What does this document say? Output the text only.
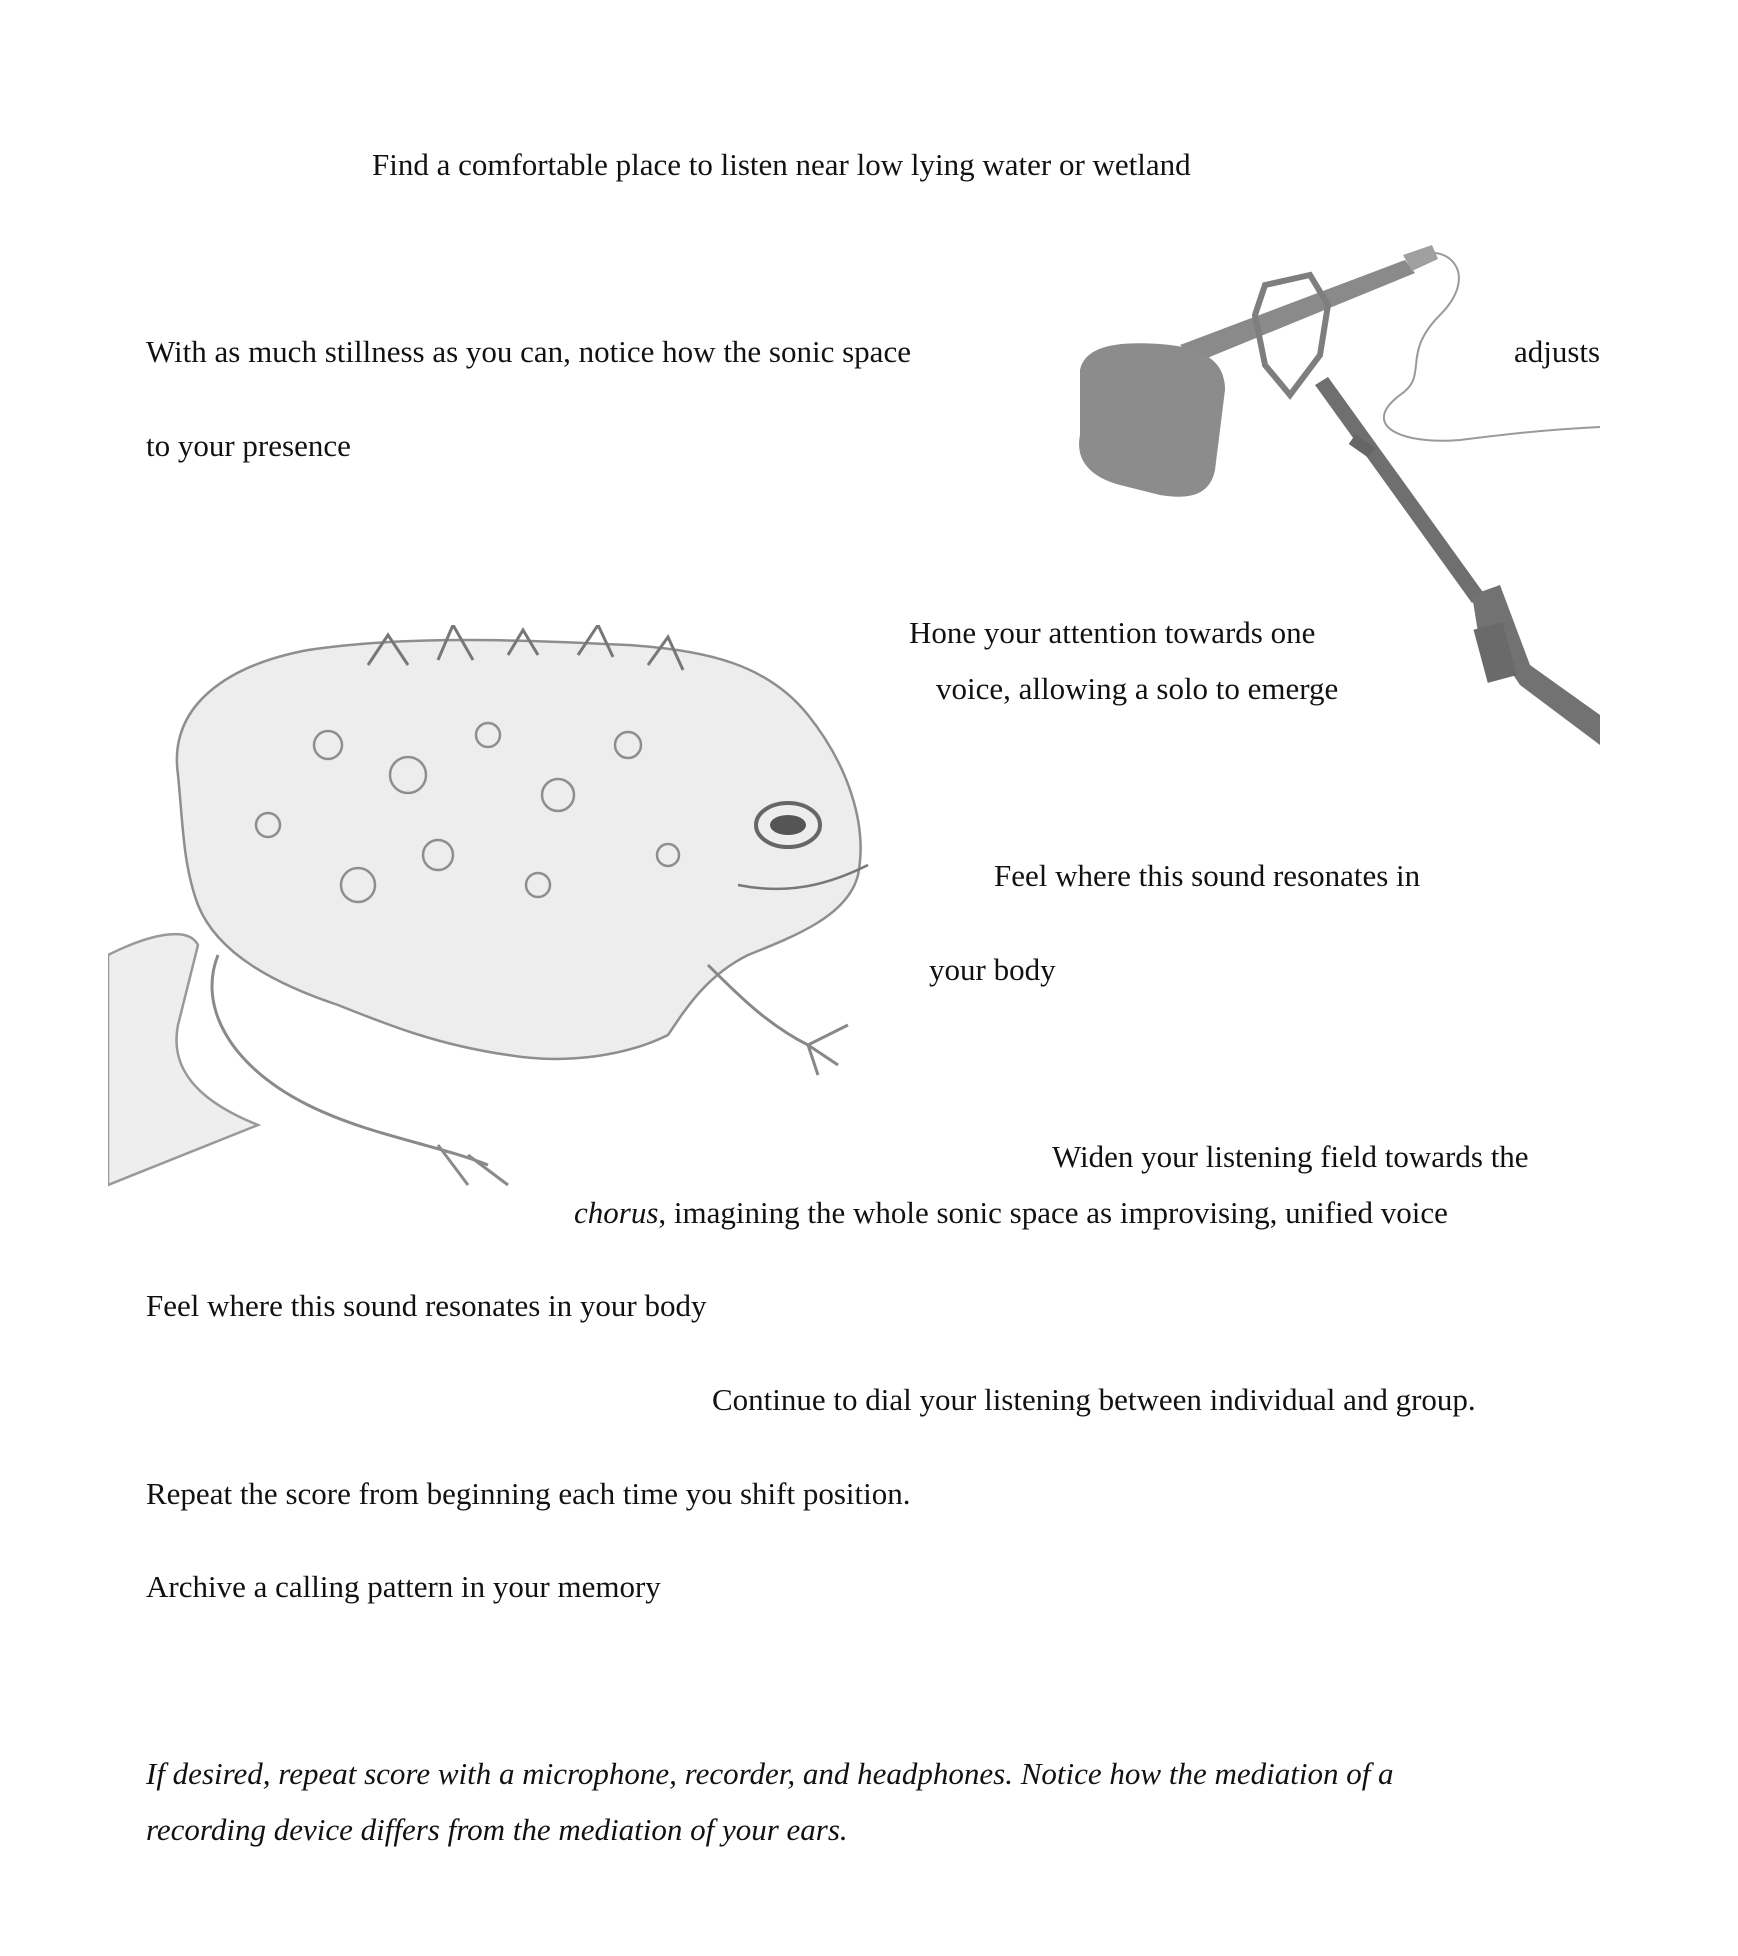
Find a comfortable place to listen near low lying water or wetland
With as much stillness as you can, notice how the sonic space	adjusts
to your presence
Hone your attention towards one
voice, allowing a solo to emerge
Feel where this sound resonates in
your body
Widen your listening field towards the
chorus, imagining the whole sonic space as improvising, unified voice
Feel where this sound resonates in your body
Continue to dial your listening between individual and group.
Repeat the score from beginning each time you shift position.
Archive a calling pattern in your memory
If desired, repeat score with a microphone, recorder, and headphones. Notice how the mediation of a
recording device differs from the mediation of your ears.
